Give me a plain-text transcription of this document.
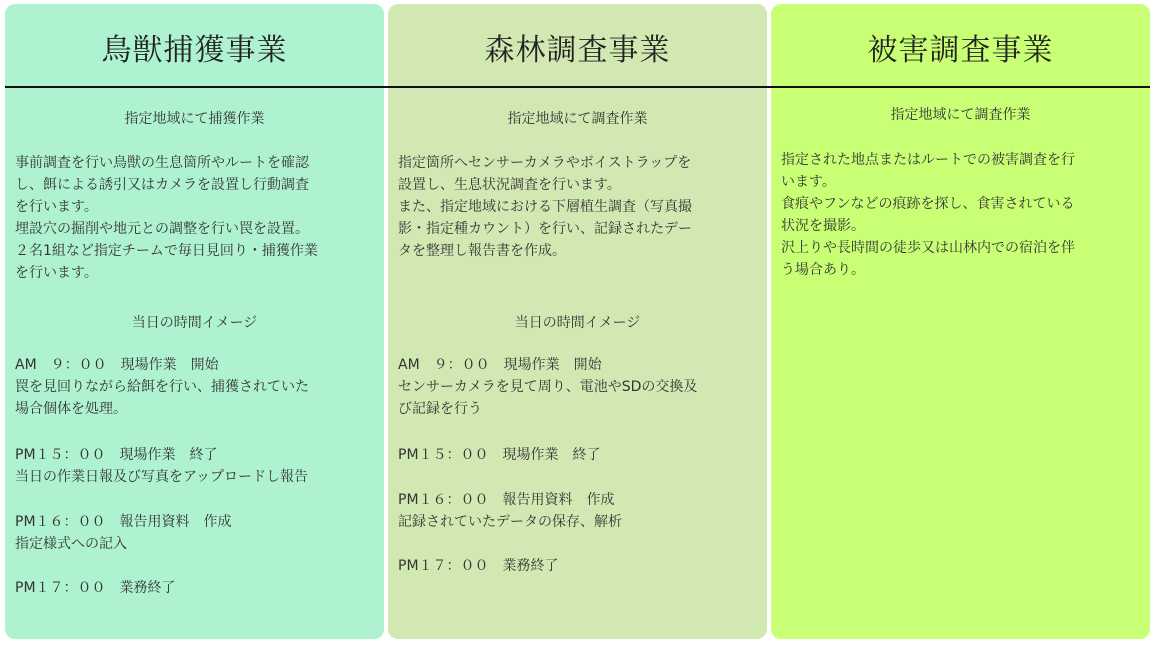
鳥獣捕獲事業
指定地域にて捕獲作業
事前調査を行い鳥獣の生息箇所やルートを確認
し、餌による誘引又はカメラを設置し行動調査
を行います。
埋設穴の掘削や地元との調整を行い罠を設置。
２名1組など指定チームで毎日見回り・捕獲作業
を行います。
当日の時間イメージ
AM　９：００　現場作業　開始
罠を見回りながら給餌を行い、捕獲されていた
場合個体を処理。
PM１５：００　現場作業　終了
当日の作業日報及び写真をアップロードし報告
PM１６：００　報告用資料　作成
指定様式への記入
PM１７：００　業務終了
森林調査事業
指定地域にて調査作業
指定箇所へセンサーカメラやボイストラップを
設置し、生息状況調査を行います。
また、指定地域における下層植生調査（写真撮
影・指定種カウント）を行い、記録されたデー
タを整理し報告書を作成。
当日の時間イメージ
AM　９：００　現場作業　開始
センサーカメラを見て周り、電池やSDの交換及
び記録を行う
PM１５：００　現場作業　終了
PM１６：００　報告用資料　作成
記録されていたデータの保存、解析
PM１７：００　業務終了
被害調査事業
指定地域にて調査作業
指定された地点またはルートでの被害調査を行
います。
食痕やフンなどの痕跡を探し、食害されている
状況を撮影。
沢上りや長時間の徒歩又は山林内での宿泊を伴
う場合あり。
